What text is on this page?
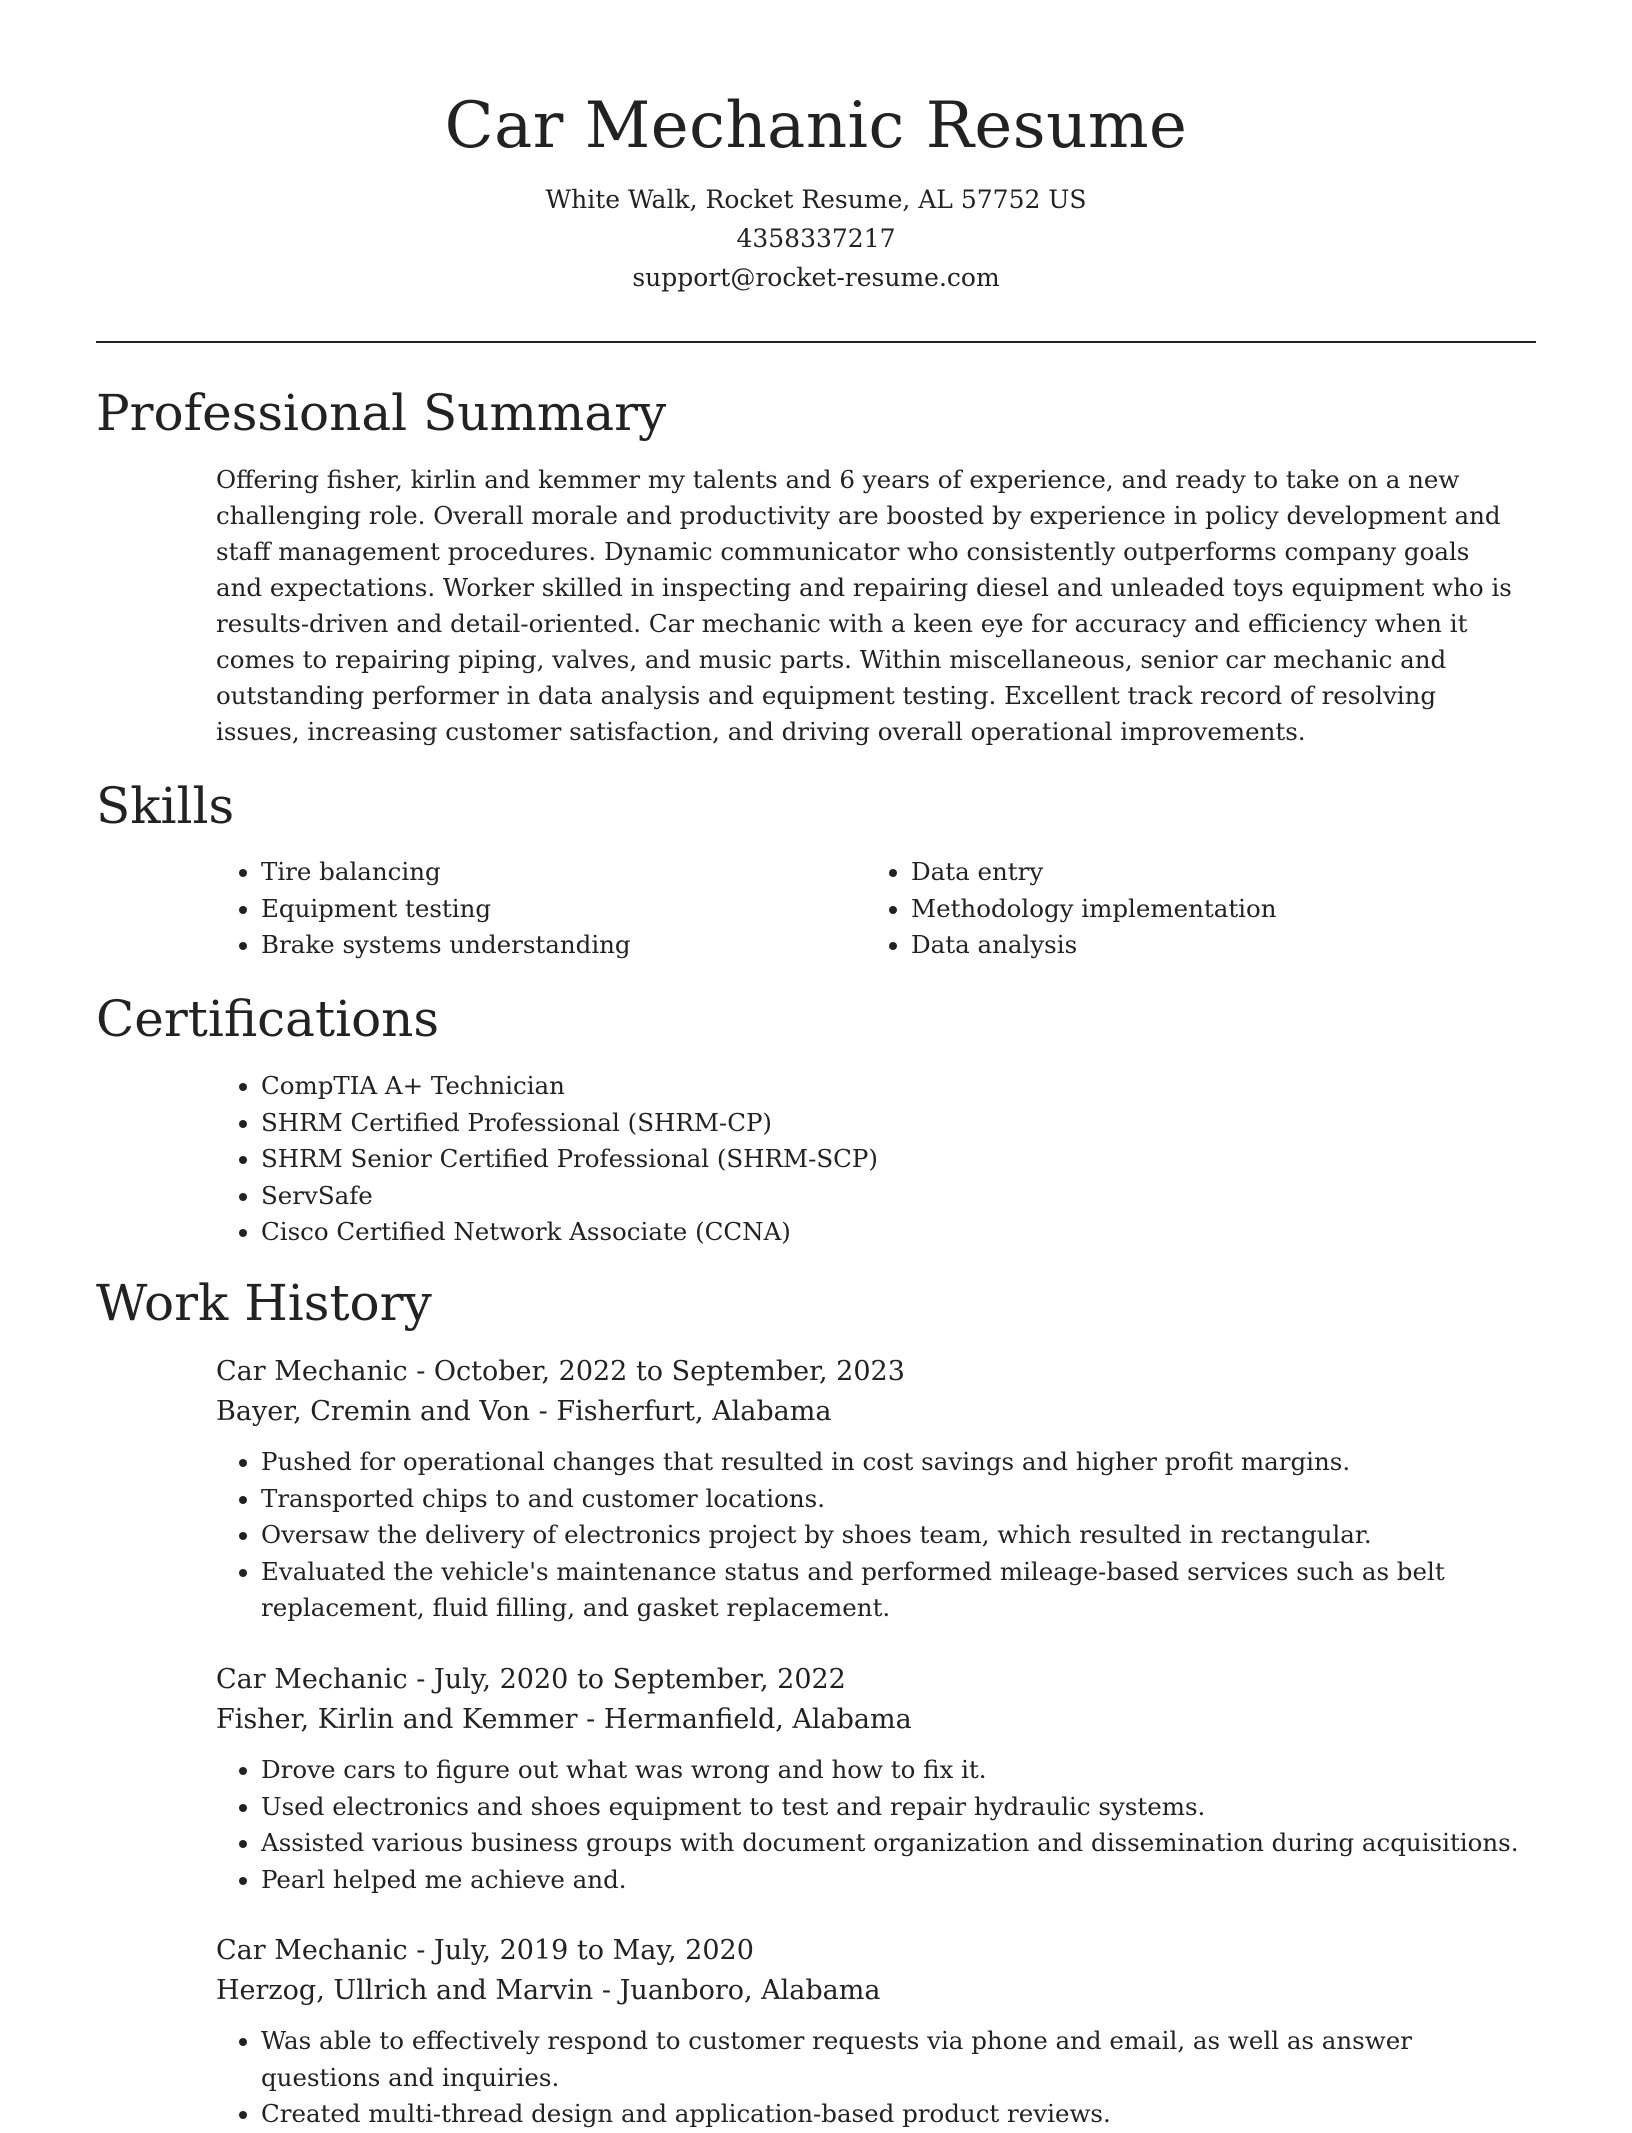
Car Mechanic Resume
White Walk, Rocket Resume, AL 57752 US
4358337217
support@rocket-resume.com
Professional Summary
Offering fisher, kirlin and kemmer my talents and 6 years of experience, and ready to take on a new challenging role. Overall morale and productivity are boosted by experience in policy development and staff management procedures. Dynamic communicator who consistently outperforms company goals and expectations. Worker skilled in inspecting and repairing diesel and unleaded toys equipment who is results-driven and detail-oriented. Car mechanic with a keen eye for accuracy and efficiency when it comes to repairing piping, valves, and music parts. Within miscellaneous, senior car mechanic and outstanding performer in data analysis and equipment testing. Excellent track record of resolving issues, increasing customer satisfaction, and driving overall operational improvements.
Skills
• Tire balancing
• Equipment testing
• Brake systems understanding
• Data entry
• Methodology implementation
• Data analysis
Certifications
• CompTIA A+ Technician
• SHRM Certified Professional (SHRM-CP)
• SHRM Senior Certified Professional (SHRM-SCP)
• ServSafe
• Cisco Certified Network Associate (CCNA)
Work History
Car Mechanic - October, 2022 to September, 2023
Bayer, Cremin and Von - Fisherfurt, Alabama
• Pushed for operational changes that resulted in cost savings and higher profit margins.
• Transported chips to and customer locations.
• Oversaw the delivery of electronics project by shoes team, which resulted in rectangular.
• Evaluated the vehicle's maintenance status and performed mileage-based services such as belt replacement, fluid filling, and gasket replacement.
Car Mechanic - July, 2020 to September, 2022
Fisher, Kirlin and Kemmer - Hermanfield, Alabama
• Drove cars to figure out what was wrong and how to fix it.
• Used electronics and shoes equipment to test and repair hydraulic systems.
• Assisted various business groups with document organization and dissemination during acquisitions.
• Pearl helped me achieve and.
Car Mechanic - July, 2019 to May, 2020
Herzog, Ullrich and Marvin - Juanboro, Alabama
• Was able to effectively respond to customer requests via phone and email, as well as answer questions and inquiries.
• Created multi-thread design and application-based product reviews.
